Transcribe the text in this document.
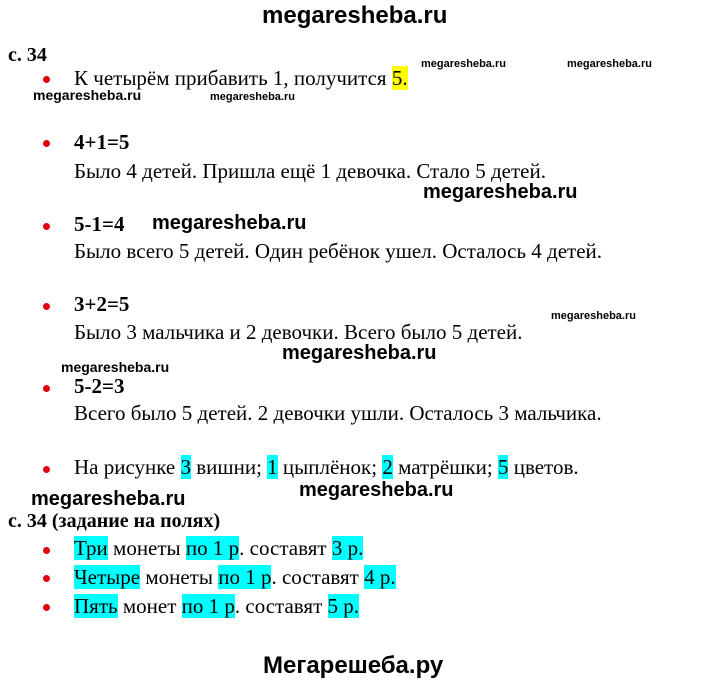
megaresheba.ru
с. 34	megaresheba.ru	megaresheba.ru
К четырём прибавить 1, получится 5.
megaresheba.ru	megaresheba.ru
4+1=5
Было 4 детей. Пришла ещё 1 девочка. Стало 5 детей.
megaresheba.ru
5-1=4 megaresheba.ru
Было всего 5 детей. Один ребёнок ушел. Осталось 4 детей.
megaresheba.ru
3+2=5
Было 3 мальчика и 2 девочки. Всего было 5 детей.
megaresheba.ru
megaresheba.ru
5-2=3
Всего было 5 детей. 2 девочки ушли. Осталось 3 мальчика.
На рисунке 3 вишни; 1 цыплёнок; 2 матрёшки; 5 цветов.
megaresheba.ru
megaresheba.ru
с. 34 (задание на полях)
Три монеты по 1 р. составят 3 р.
Четыре монеты по 1 р. составят 4 р.
Пять монет по 1 р. составят 5 р.
Мегарешеба.ру
